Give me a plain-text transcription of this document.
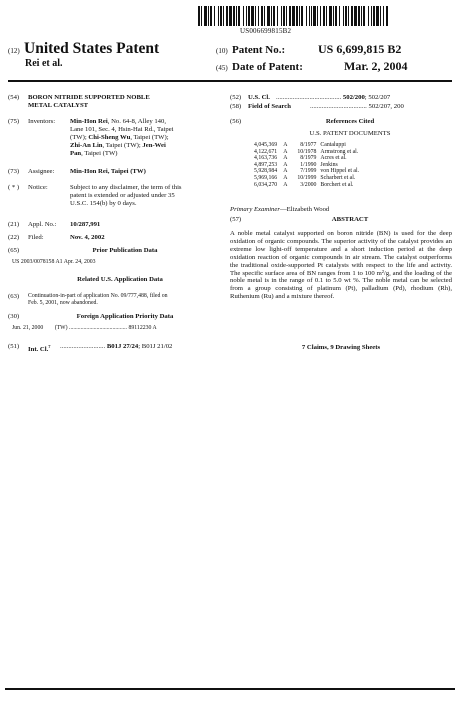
US006699815B2
(12) United States Patent
Rei et al.
(10) Patent No.:	US 6,699,815 B2
(45) Date of Patent:	Mar. 2, 2004
(54) BORON NITRIDE SUPPORTED NOBLE
METAL CATALYST
(75) Inventors: Min-Hon Rei, No. 64-8, Alley 140,
Lane 101, Sec. 4, Hsin-Hai Rd., Taipei
(TW); Chi-Sheng Wu, Taipei (TW);
Zhi-An Lin, Taipei (TW); Jen-Wei
Pan, Taipei (TW)
(73) Assignee: Min-Hon Rei, Taipei (TW)
( * ) Notice:	Subject to any disclaimer, the term of this
patent is extended or adjusted under 35
U.S.C. 154(b) by 0 days.
(21) Appl. No.: 10/287,991
(22) Filed:	Nov. 4, 2002
(65)	Prior Publication Data
US 2003/0078158 A1 Apr. 24, 2003
Related U.S. Application Data
(63) Continuation-in-part of application No. 09/777,488, filed on
Feb. 5, 2001, now abandoned.
(30)	Foreign Application Priority Data
Jun. 21, 2000 (TW) ........................................ 89112230 A
(51) Int. Cl.$^7$ ........................... B01J 27/24; B01J 21/02
(52) U.S. Cl. ....................................... 502/200; 502/207
(58) Field of Search	.................................. 502/207, 200
(56)	References Cited
U.S. PATENT DOCUMENTS
4,045,369	A	8/1977	Cantaluppi
4,122,671	A	10/1978	Armstrong et al.
4,163,736	A	8/1979	Acres et al.
4,897,253	A	1/1990	Jenkins
5,928,984	A	7/1999	von Hippel et al.
5,969,166	A	10/1999	Scharbert et al.
6,034,270	A	3/2000	Borchert et al.
Primary Examiner—Elizabeth Wood
(57)	ABSTRACT
A noble metal catalyst supported on boron nitride (BN) is used for the deep oxidation of organic compounds. The superior activity of the catalyst provides an extreme low light-off temperature and a short induction period at the deep oxidation reaction of organic compounds in air stream. The catalyst outperforms the traditional oxide-supported Pt catalysts with respect to the life and activity. The specific surface area of BN ranges from 1 to 100 m²/g, and the loading of the noble metal is in the range of 0.1 to 5.0 wt %. The noble metal can be selected from a group consisting of platinum (Pt), palladium (Pd), rhodium (Rh), Ruthenium (Ru) and a mixture thereof.
7 Claims, 9 Drawing Sheets
